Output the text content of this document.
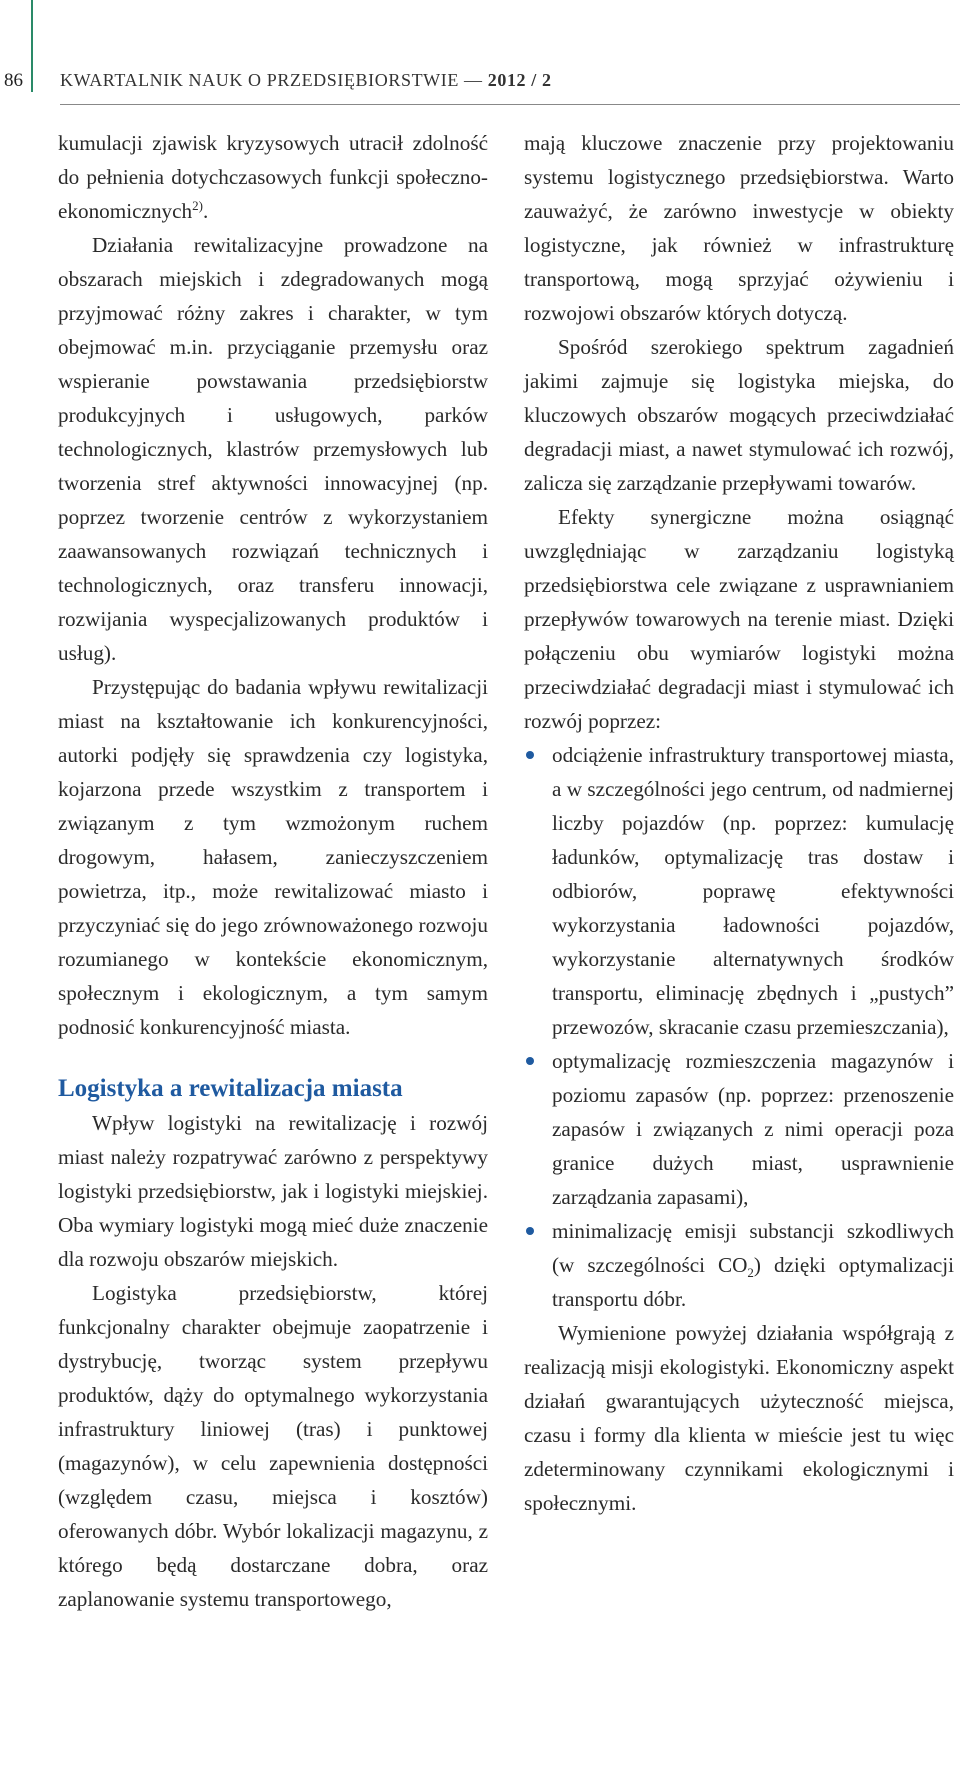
86 KWARTALNIK NAUK O PRZEDSIĘBIORSTWIE — 2012 / 2

kumulacji zjawisk kryzysowych utracił zdolność do pełnienia dotychczasowych funkcji społeczno-ekonomicznych$^{2)}$.

Działania rewitalizacyjne prowadzone na obszarach miejskich i zdegradowanych mogą przyjmować różny zakres i charakter, w tym obejmować m.in. przyciąganie przemysłu oraz wspieranie powstawania przedsiębiorstw produkcyjnych i usługowych, parków technologicznych, klastrów przemysłowych lub tworzenia stref aktywności innowacyjnej (np. poprzez tworzenie centrów z wykorzystaniem zaawansowanych rozwiązań technicznych i technologicznych, oraz transferu innowacji, rozwijania wyspecjalizowanych produktów i usług).

Przystępując do badania wpływu rewitalizacji miast na kształtowanie ich konkurencyjności, autorki podjęły się sprawdzenia czy logistyka, kojarzona przede wszystkim z transportem i związanym z tym wzmożonym ruchem drogowym, hałasem, zanieczyszczeniem powietrza, itp., może rewitalizować miasto i przyczyniać się do jego zrównoważonego rozwoju rozumianego w kontekście ekonomicznym, społecznym i ekologicznym, a tym samym podnosić konkurencyjność miasta.

Logistyka a rewitalizacja miasta

Wpływ logistyki na rewitalizację i rozwój miast należy rozpatrywać zarówno z perspektywy logistyki przedsiębiorstw, jak i logistyki miejskiej. Oba wymiary logistyki mogą mieć duże znaczenie dla rozwoju obszarów miejskich.

Logistyka przedsiębiorstw, której funkcjonalny charakter obejmuje zaopatrzenie i dystrybucję, tworząc system przepływu produktów, dąży do optymalnego wykorzystania infrastruktury liniowej (tras) i punktowej (magazynów), w celu zapewnienia dostępności (względem czasu, miejsca i kosztów) oferowanych dóbr. Wybór lokalizacji magazynu, z którego będą dostarczane dobra, oraz zaplanowanie systemu transportowego,

mają kluczowe znaczenie przy projektowaniu systemu logistycznego przedsiębiorstwa. Warto zauważyć, że zarówno inwestycje w obiekty logistyczne, jak również w infrastrukturę transportową, mogą sprzyjać ożywieniu i rozwojowi obszarów których dotyczą.

Spośród szerokiego spektrum zagadnień jakimi zajmuje się logistyka miejska, do kluczowych obszarów mogących przeciwdziałać degradacji miast, a nawet stymulować ich rozwój, zalicza się zarządzanie przepływami towarów.

Efekty synergiczne można osiągnąć uwzględniając w zarządzaniu logistyką przedsiębiorstwa cele związane z usprawnianiem przepływów towarowych na terenie miast. Dzięki połączeniu obu wymiarów logistyki można przeciwdziałać degradacji miast i stymulować ich rozwój poprzez:

odciążenie infrastruktury transportowej miasta, a w szczególności jego centrum, od nadmiernej liczby pojazdów (np. poprzez: kumulację ładunków, optymalizację tras dostaw i odbiorów, poprawę efektywności wykorzystania ładowności pojazdów, wykorzystanie alternatywnych środków transportu, eliminację zbędnych i „pustych” przewozów, skracanie czasu przemieszczania),
optymalizację rozmieszczenia magazynów i poziomu zapasów (np. poprzez: przenoszenie zapasów i związanych z nimi operacji poza granice dużych miast, usprawnienie zarządzania zapasami),
minimalizację emisji substancji szkodliwych (w szczególności $CO_2$) dzięki optymalizacji transportu dóbr.

Wymienione powyżej działania współgrają z realizacją misji ekologistyki. Ekonomiczny aspekt działań gwarantujących użyteczność miejsca, czasu i formy dla klienta w mieście jest tu więc zdeterminowany czynnikami ekologicznymi i społecznymi.
